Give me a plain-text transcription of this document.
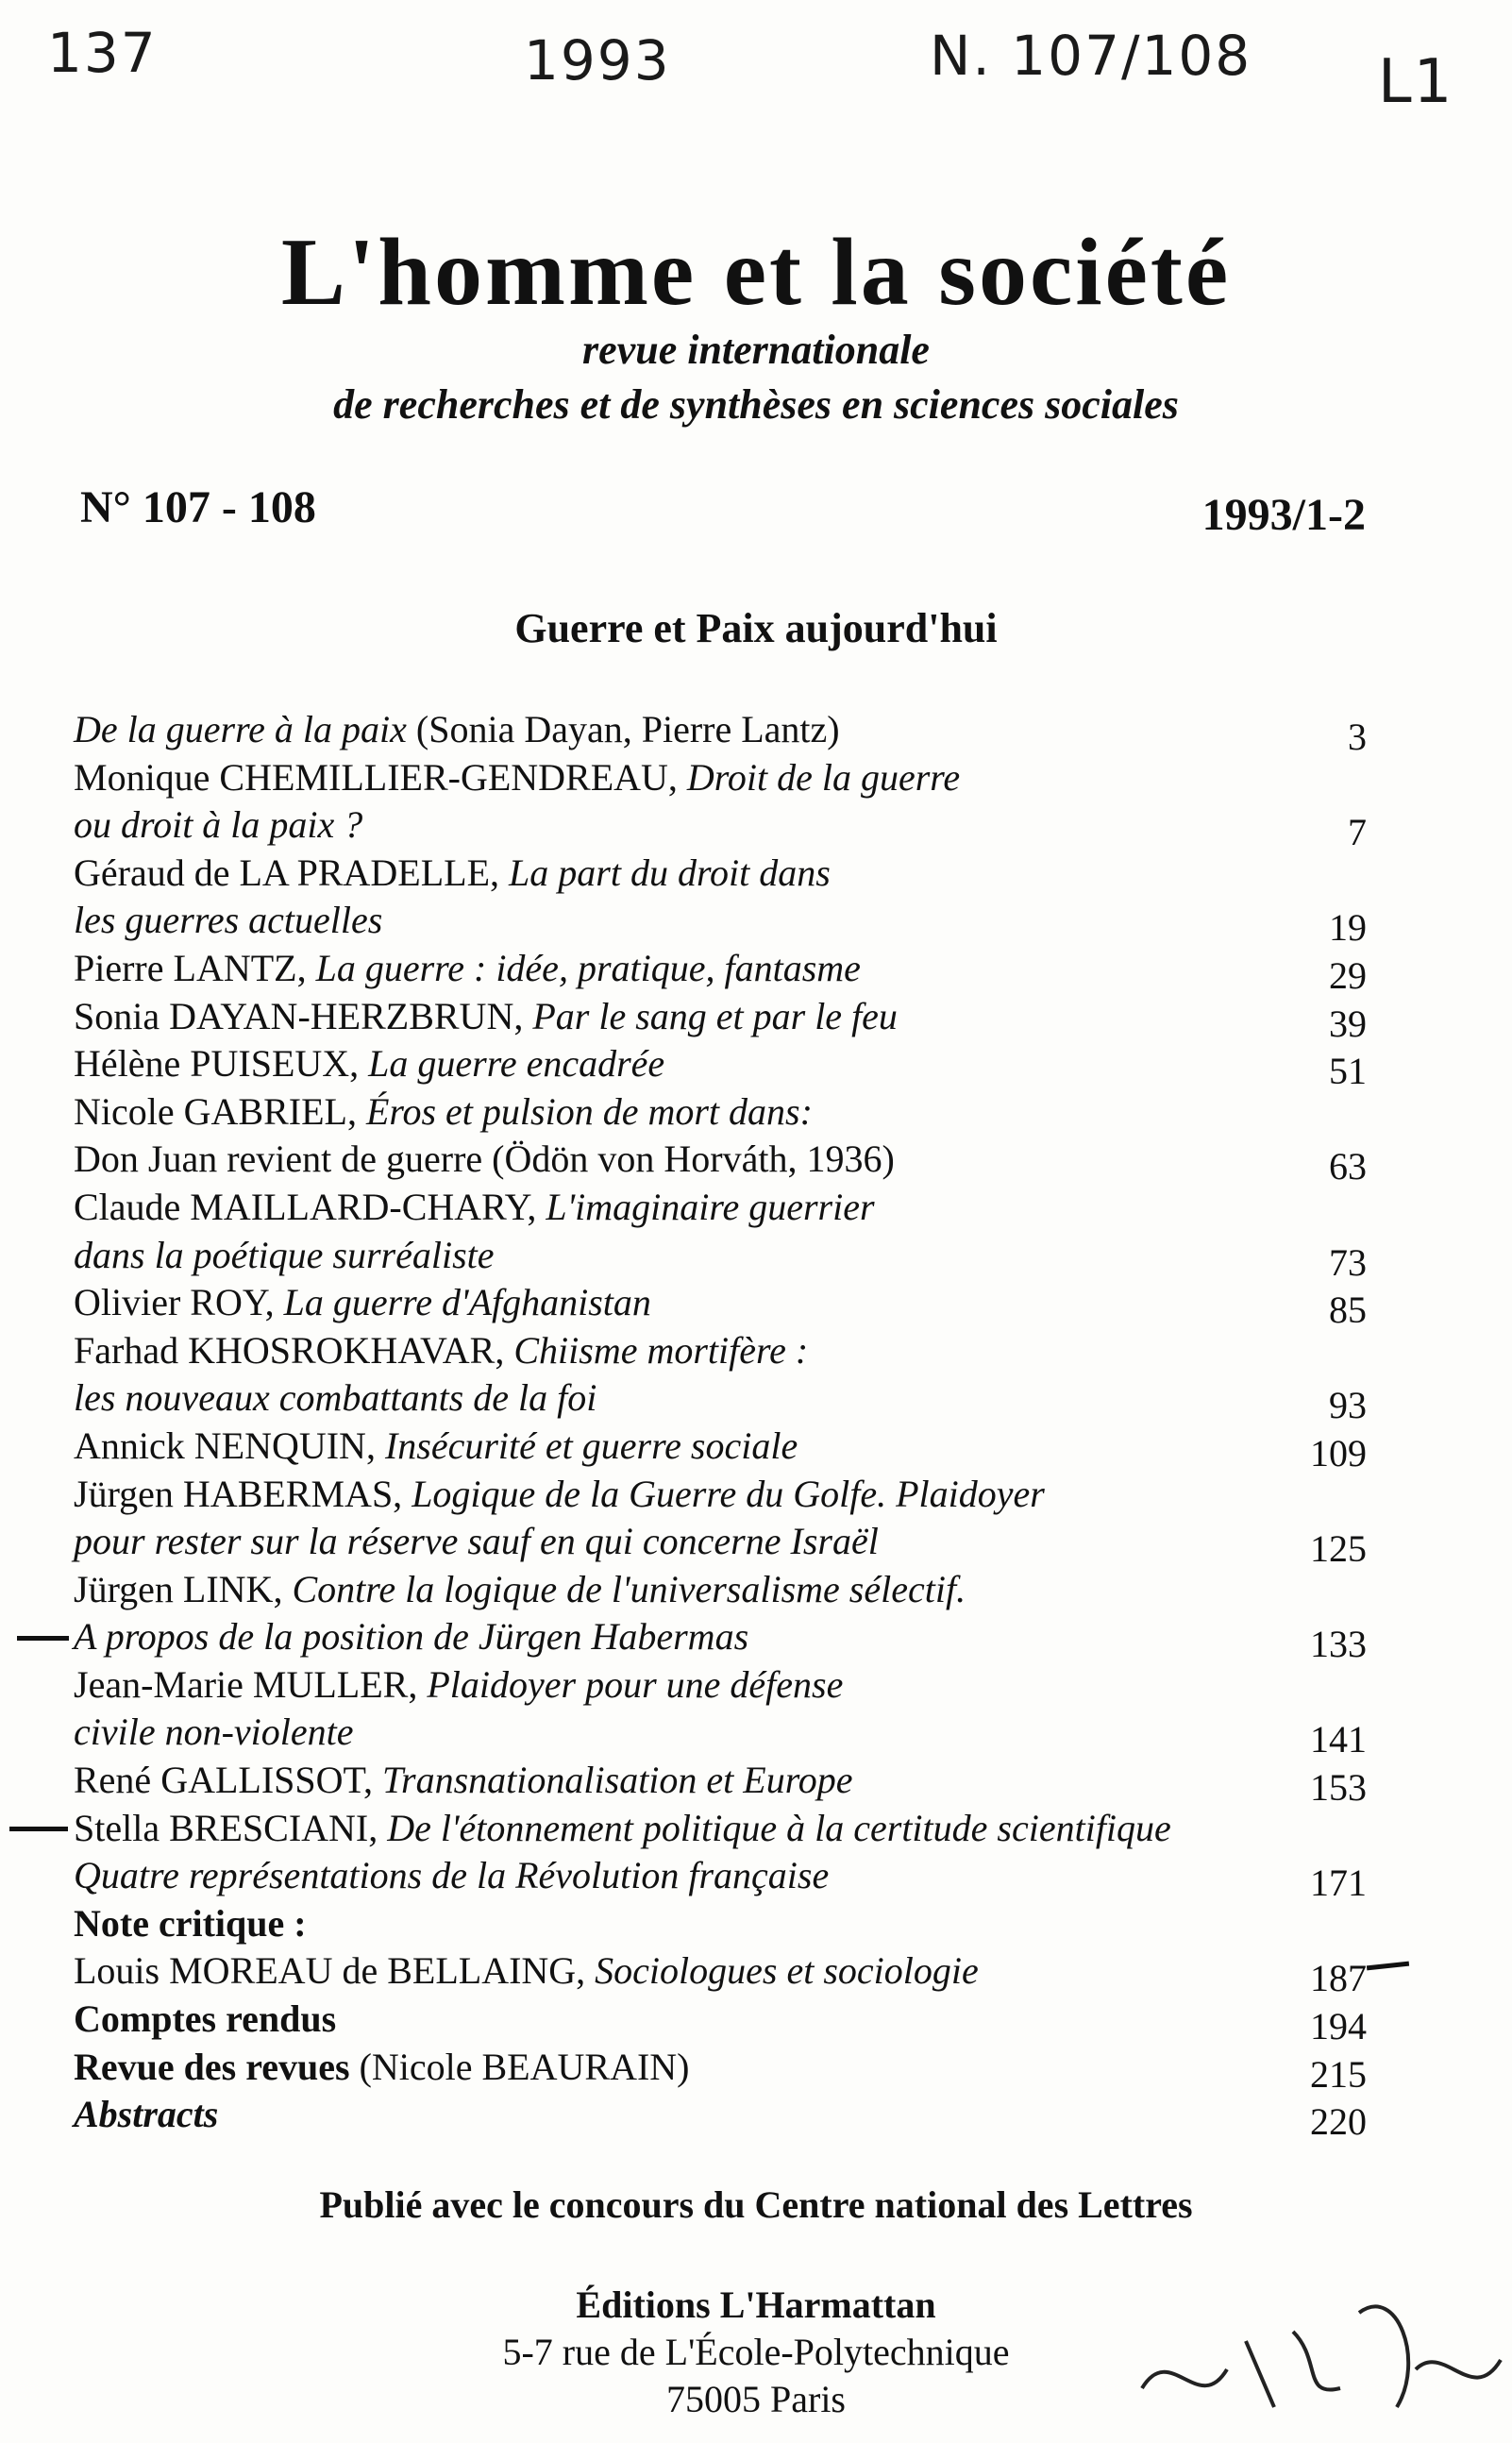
137	1993	N. 107/108 L1
L'homme et la société
revue internationale
de recherches et de synthèses en sciences sociales
N° 107 - 108	1993/1-2
Guerre et Paix aujourd'hui
De la guerre à la paix (Sonia Dayan, Pierre Lantz)	3
Monique CHEMILLIER-GENDREAU, Droit de la guerre
ou droit à la paix ?	7
Géraud de LA PRADELLE, La part du droit dans
les guerres actuelles	19
Pierre LANTZ, La guerre : idée, pratique, fantasme	29
Sonia DAYAN-HERZBRUN, Par le sang et par le feu	39
Hélène PUISEUX, La guerre encadrée	51
Nicole GABRIEL, Éros et pulsion de mort dans:
Don Juan revient de guerre (Ödön von Horváth, 1936)	63
Claude MAILLARD-CHARY, L'imaginaire guerrier
dans la poétique surréaliste	73
Olivier ROY, La guerre d'Afghanistan	85
Farhad KHOSROKHAVAR, Chiisme mortifère :
les nouveaux combattants de la foi	93
Annick NENQUIN, Insécurité et guerre sociale	109
Jürgen HABERMAS, Logique de la Guerre du Golfe. Plaidoyer
pour rester sur la réserve sauf en qui concerne Israël	125
Jürgen LINK, Contre la logique de l'universalisme sélectif.
A propos de la position de Jürgen Habermas	133
Jean-Marie MULLER, Plaidoyer pour une défense
civile non-violente	141
René GALLISSOT, Transnationalisation et Europe	153
Stella BRESCIANI, De l'étonnement politique à la certitude scientifique
Quatre représentations de la Révolution française	171
Note critique :
Louis MOREAU de BELLAING, Sociologues et sociologie	187
Comptes rendus	194
Revue des revues (Nicole BEAURAIN)	215
Abstracts	220
Publié avec le concours du Centre national des Lettres
Éditions L'Harmattan
5-7 rue de L'École-Polytechnique
75005 Paris
